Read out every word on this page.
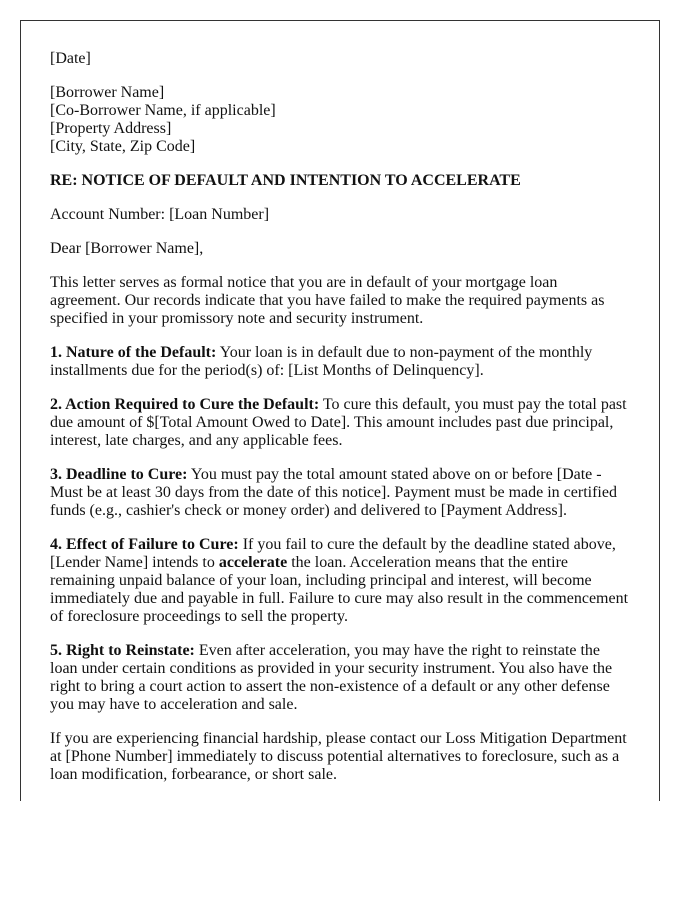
[Date]

[Borrower Name]

[Co-Borrower Name, if applicable]

[Property Address]

[City, State, Zip Code]

RE: NOTICE OF DEFAULT AND INTENTION TO ACCELERATE

Account Number: [Loan Number]

Dear [Borrower Name],

This letter serves as formal notice that you are in default of your mortgage loan agreement. Our records indicate that you have failed to make the required payments as specified in your promissory note and security instrument.

1. Nature of the Default: Your loan is in default due to non-payment of the monthly installments due for the period(s) of: [List Months of Delinquency].

2. Action Required to Cure the Default: To cure this default, you must pay the total past due amount of $[Total Amount Owed to Date]. This amount includes past due principal, interest, late charges, and any applicable fees.

3. Deadline to Cure: You must pay the total amount stated above on or before [Date - Must be at least 30 days from the date of this notice]. Payment must be made in certified funds (e.g., cashier's check or money order) and delivered to [Payment Address].

4. Effect of Failure to Cure: If you fail to cure the default by the deadline stated above, [Lender Name] intends to accelerate the loan. Acceleration means that the entire remaining unpaid balance of your loan, including principal and interest, will become immediately due and payable in full. Failure to cure may also result in the commencement of foreclosure proceedings to sell the property.

5. Right to Reinstate: Even after acceleration, you may have the right to reinstate the loan under certain conditions as provided in your security instrument. You also have the right to bring a court action to assert the non-existence of a default or any other defense you may have to acceleration and sale.

If you are experiencing financial hardship, please contact our Loss Mitigation Department at [Phone Number] immediately to discuss potential alternatives to foreclosure, such as a loan modification, forbearance, or short sale.
